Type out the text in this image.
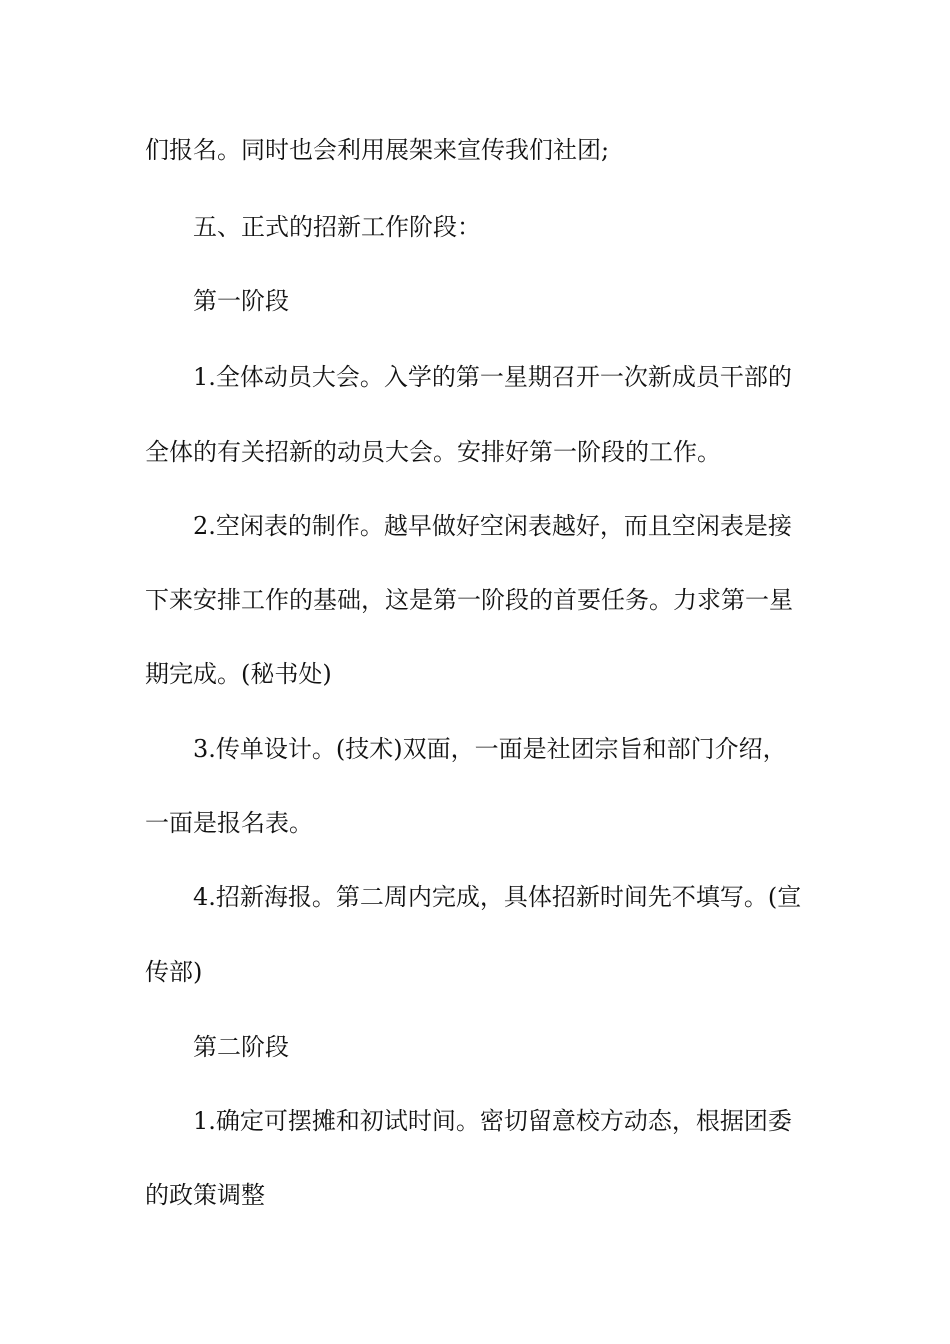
们报名。同时也会利用展架来宣传我们社团;
五、正式的招新工作阶段：
第一阶段
1.全体动员大会。入学的第一星期召开一次新成员干部的
全体的有关招新的动员大会。安排好第一阶段的工作。
2.空闲表的制作。越早做好空闲表越好，而且空闲表是接
下来安排工作的基础，这是第一阶段的首要任务。力求第一星
期完成。(秘书处)
3.传单设计。(技术)双面，一面是社团宗旨和部门介绍，
一面是报名表。
4.招新海报。第二周内完成，具体招新时间先不填写。(宣
传部)
第二阶段
1.确定可摆摊和初试时间。密切留意校方动态，根据团委
的政策调整
